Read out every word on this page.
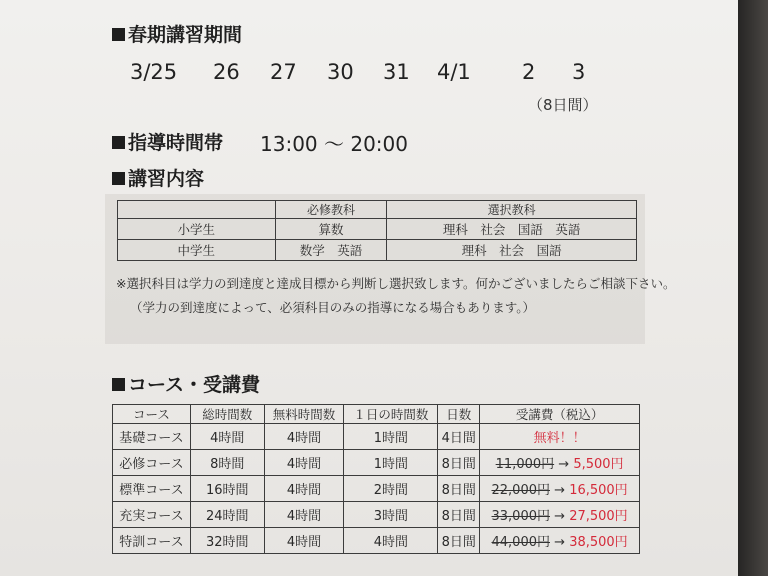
春期講習期間
3/25 26 27 30 31 4/1 2 3
（8日間）
指導時間帯 13:00 ～ 20:00
講習内容
	必修教科	選択教科
小学生	算数	理科　社会　国語　英語
中学生	数学　英語	理科　社会　国語
※選択科目は学力の到達度と達成目標から判断し選択致します。何かございましたらご相談下さい。
（学力の到達度によって、必須科目のみの指導になる場合もあります。）
コース・受講費
コース	総時間数	無料時間数	１日の時間数	日数	受講費（税込）
基礎コース	4時間	4時間	1時間	4日間	無料！！
必修コース	8時間	4時間	1時間	8日間	11,000円 → 5,500円
標準コース	16時間	4時間	2時間	8日間	22,000円 → 16,500円
充実コース	24時間	4時間	3時間	8日間	33,000円 → 27,500円
特訓コース	32時間	4時間	4時間	8日間	44,000円 → 38,500円
